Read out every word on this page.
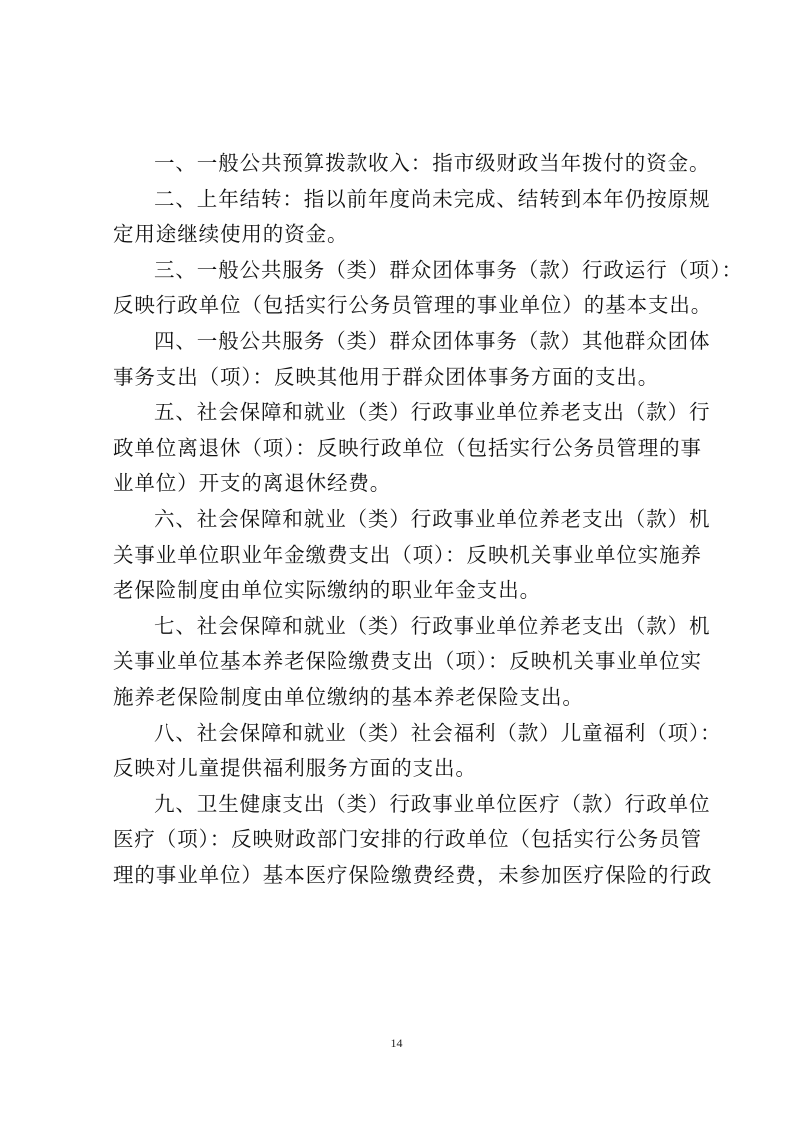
一、一般公共预算拨款收入：指市级财政当年拨付的资金。

二、上年结转：指以前年度尚未完成、结转到本年仍按原规
定用途继续使用的资金。

三、一般公共服务（类）群众团体事务（款）行政运行（项）：
反映行政单位（包括实行公务员管理的事业单位）的基本支出。

四、一般公共服务（类）群众团体事务（款）其他群众团体
事务支出（项）：反映其他用于群众团体事务方面的支出。

五、社会保障和就业（类）行政事业单位养老支出（款）行
政单位离退休（项）：反映行政单位（包括实行公务员管理的事
业单位）开支的离退休经费。

六、社会保障和就业（类）行政事业单位养老支出（款）机
关事业单位职业年金缴费支出（项）：反映机关事业单位实施养
老保险制度由单位实际缴纳的职业年金支出。

七、社会保障和就业（类）行政事业单位养老支出（款）机
关事业单位基本养老保险缴费支出（项）：反映机关事业单位实
施养老保险制度由单位缴纳的基本养老保险支出。

八、社会保障和就业（类）社会福利（款）儿童福利（项）：
反映对儿童提供福利服务方面的支出。

九、卫生健康支出（类）行政事业单位医疗（款）行政单位
医疗（项）：反映财政部门安排的行政单位（包括实行公务员管
理的事业单位）基本医疗保险缴费经费，未参加医疗保险的行政

14
